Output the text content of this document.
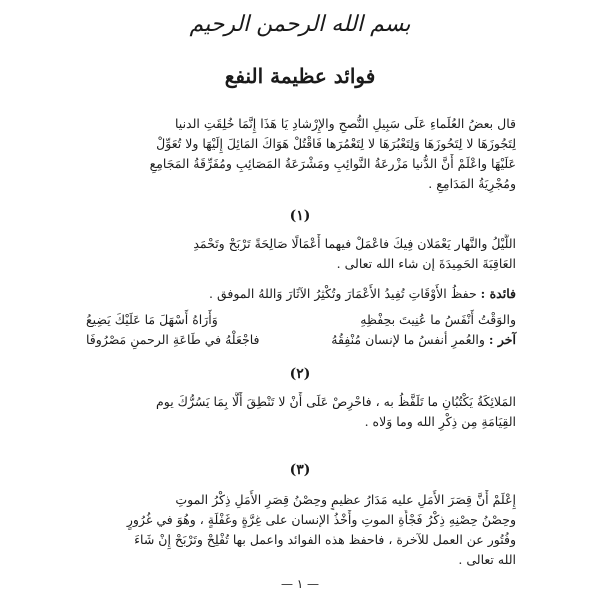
بسم الله الرحمن الرحيم
فوائد عظيمة النفع
قال بعضُ العُلَماءِ عَلَى سَبِيلِ النُّصحِ والإِرْشادِ يَا هَذَا إِنَّمَا خُلِقَتِ الدنيا
لِتَجُوزَهَا لا لِتَحُوزَهَا وَلِتَعْبُرَهَا لا لِتَعْمُرَها فَاقْتُلْ هَوَاكَ المَائِلَ إِلَيْهَا ولا تُعَوِّلْ
عَلَيْهَا واعْلَمْ أَنَّ الدُّنيا مَزْرعَةُ النَّوائِبِ ومَشْرَعَةُ المَصَائِبِ ومُفَرِّقَةُ المَجَامِعِ
ومُجْرِيَةُ المَدَامِعِ .
(١)
اللَّيْلُ والنَّهار يَعْمَلان فِيكَ فاعْمَلْ فيهما أَعْمَالًا صَالِحَةً تَرْبَحْ وتَحْمَدِ
العَاقِبَةَ الحَمِيدَةَ إن شاء الله تعالى .
فائدة : حفظُ الأَوْقَاتِ تُفِيدُ الأَعْمَارَ وتُكْثِرُ الآثَارَ وَاللهُ الموفق .
والوَقْتُ أَنْفَسُ ما عُنِيتَ بحِفْظِهِ
وَأَرَاهُ أَسْهَلَ مَا عَلَيْكَ يَضِيعُ
آخر : والعُمرِ أنفسُ ما لإنسان مُنْفِقُهُ
فاجْعَلْهُ في طَاعَةِ الرحمنِ مَصْرُوفَا
(٢)
المَلائِكَةُ يَكْتُبُانِ ما تَلَفَّظُ به ، فاحْرِصْ عَلَى أَنْ لا تَنْطِقَ أَلَّا بِمَا يَسُرُّكَ يوم
القِيَامَةِ مِن ذِكْرِ الله وما وَلاه .
(٣)
إِعْلَمْ أَنَّ قِصَرَ الأَمَلِ عليه مَدَارُ عظيمٍ وحِصْنُ قِصَرِ الأَمَلِ ذِكْرُ الموتِ
وحِصْنُ حِصْنِهِ ذِكْرُ فَجْأَةِ الموتِ وأَخْذُ الإنسان على غِرَّةٍ وغَفْلَةٍ ، وهُوَ في غُرُورٍ
وفُتُور عن العمل للآخرة ، فاحفظ هذه الفوائد واعمل بها تُفْلِحْ وتَرْبَحْ إِنْ شَاءَ
الله تعالى .
— ١ —
